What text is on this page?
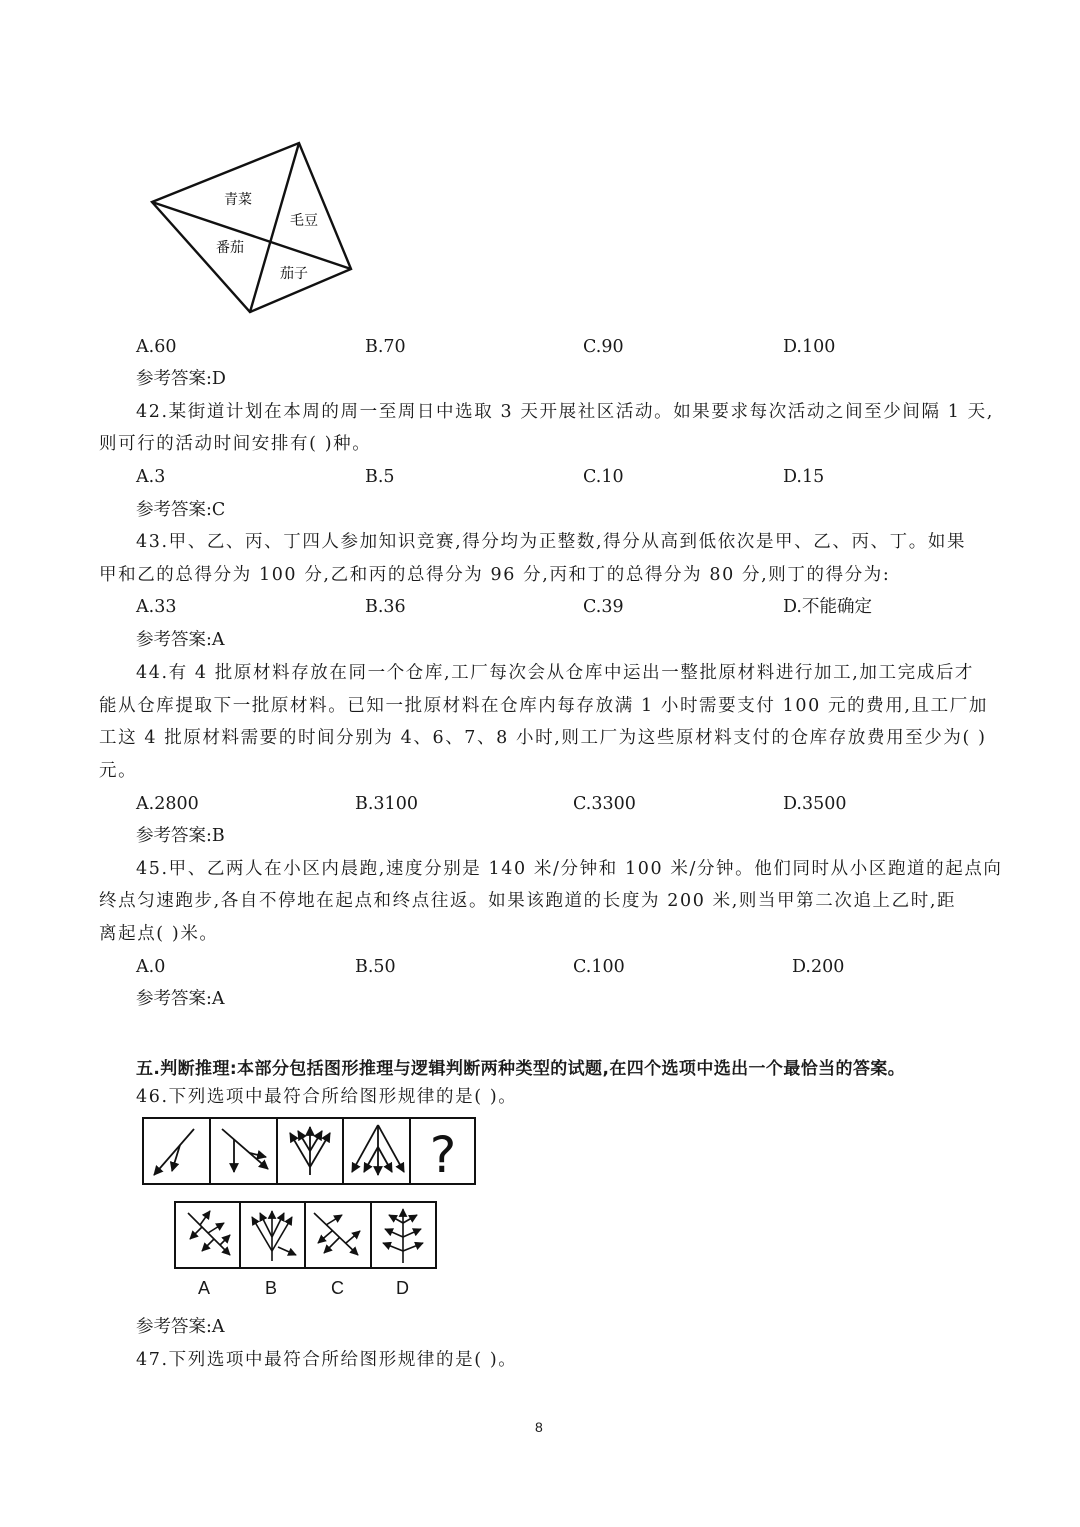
青菜
毛豆
番茄
茄子
A.60	B.70	C.90	D.100
参考答案:D
42.某街道计划在本周的周一至周日中选取 3 天开展社区活动。如果要求每次活动之间至少间隔 1 天,
则可行的活动时间安排有( )种。
A.3	B.5	C.10	D.15
参考答案:C
43.甲、乙、丙、丁四人参加知识竞赛,得分均为正整数,得分从高到低依次是甲、乙、丙、丁。如果
甲和乙的总得分为 100 分,乙和丙的总得分为 96 分,丙和丁的总得分为 80 分,则丁的得分为:
A.33	B.36	C.39	D.不能确定
参考答案:A
44.有 4 批原材料存放在同一个仓库,工厂每次会从仓库中运出一整批原材料进行加工,加工完成后才
能从仓库提取下一批原材料。已知一批原材料在仓库内每存放满 1 小时需要支付 100 元的费用,且工厂加
工这 4 批原材料需要的时间分别为 4、6、7、8 小时,则工厂为这些原材料支付的仓库存放费用至少为( )
元。
A.2800	B.3100	C.3300	D.3500
参考答案:B
45.甲、乙两人在小区内晨跑,速度分别是 140 米/分钟和 100 米/分钟。他们同时从小区跑道的起点向
终点匀速跑步,各自不停地在起点和终点往返。如果该跑道的长度为 200 米,则当甲第二次追上乙时,距
离起点( )米。
A.0	B.50	C.100	D.200
参考答案:A
五.判断推理:本部分包括图形推理与逻辑判断两种类型的试题,在四个选项中选出一个最恰当的答案。
46.下列选项中最符合所给图形规律的是( )。
?
A	B	C	D
参考答案:A
47.下列选项中最符合所给图形规律的是( )。
8
